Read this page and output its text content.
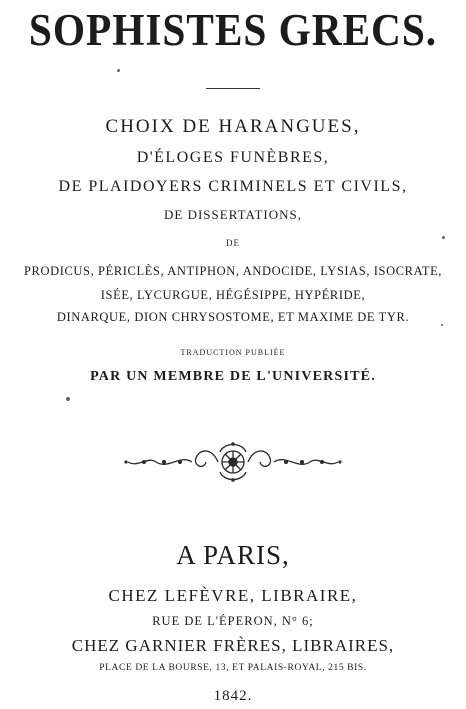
SOPHISTES GRECS.
CHOIX DE HARANGUES,
D'ÉLOGES FUNÈBRES,
DE PLAIDOYERS CRIMINELS ET CIVILS,
DE DISSERTATIONS,
DE
PRODICUS, PÉRICLÈS, ANTIPHON, ANDOCIDE, LYSIAS, ISOCRATE,
ISÉE, LYCURGUE, HÉGÉSIPPE, HYPÉRIDE,
DINARQUE, DION CHRYSOSTOME, ET MAXIME DE TYR.
TRADUCTION PUBLIÉE
PAR UN MEMBRE DE L'UNIVERSITÉ.
A PARIS,
CHEZ LEFÈVRE, LIBRAIRE,
RUE DE L'ÉPERON, N° 6;
CHEZ GARNIER FRÈRES, LIBRAIRES,
PLACE DE LA BOURSE, 13, ET PALAIS-ROYAL, 215 BIS.
1842.
